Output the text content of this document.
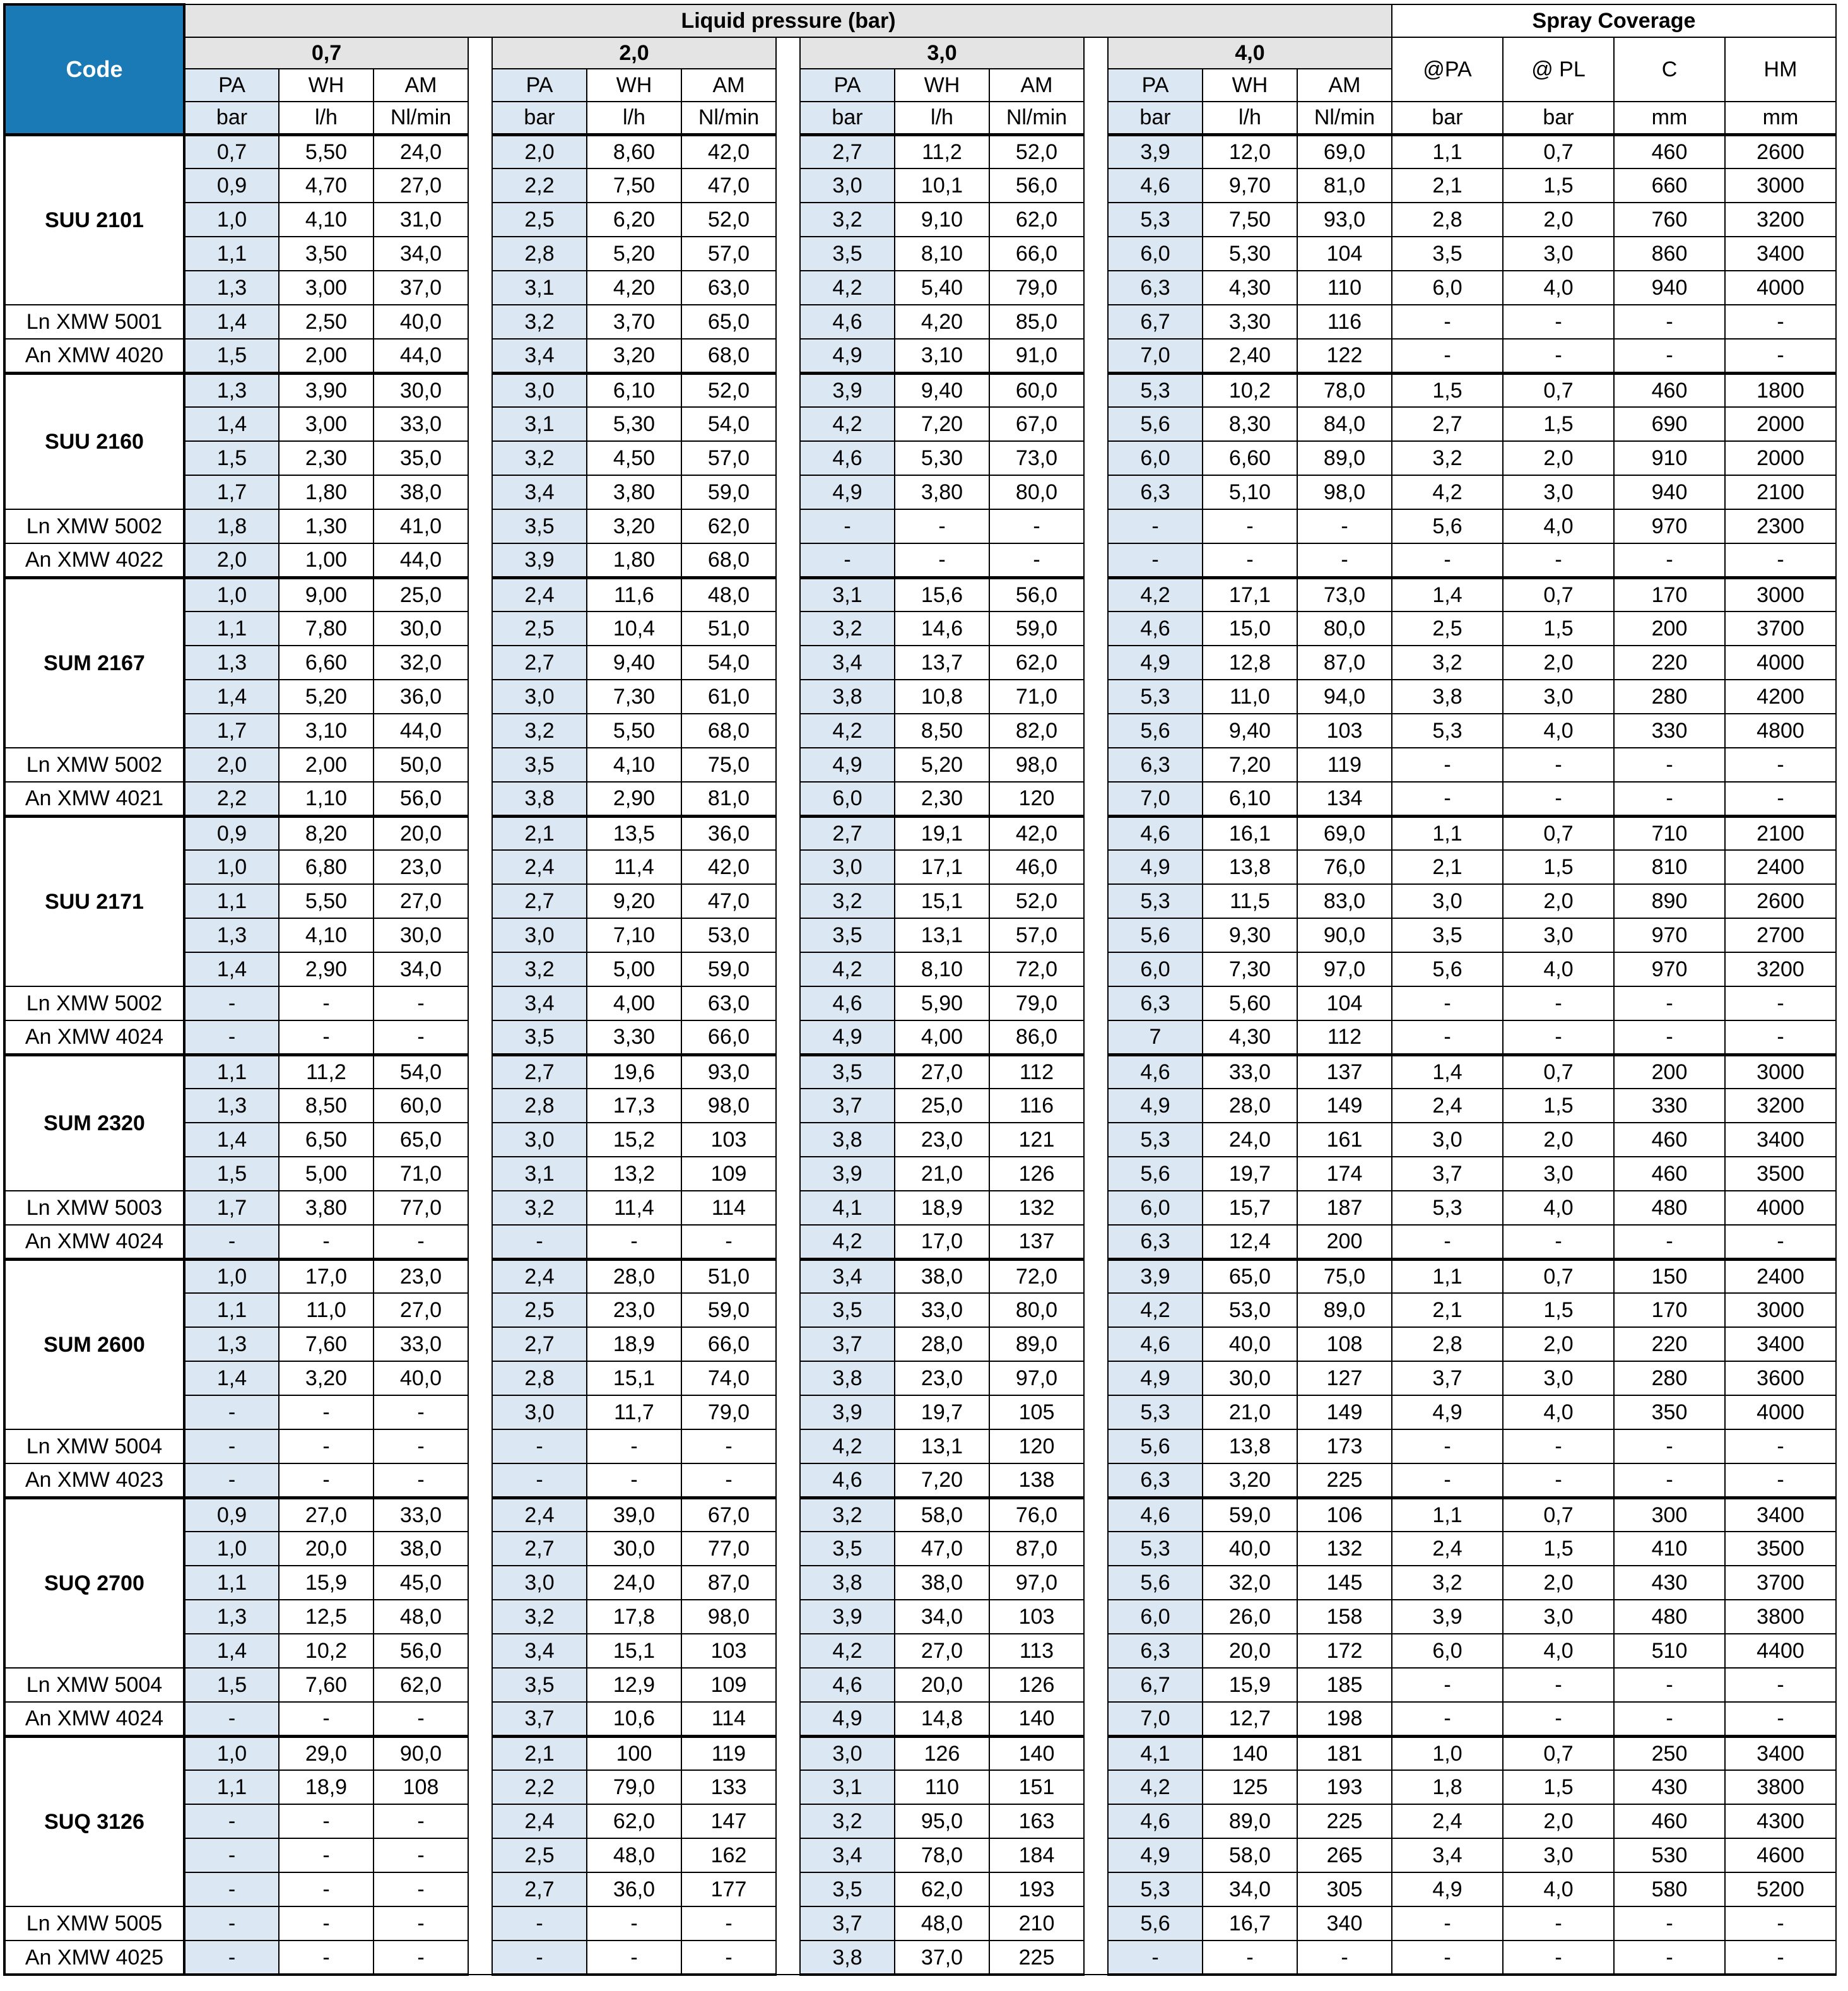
Code	Liquid pressure (bar)															Spray Coverage			
	0,7				2,0				3,0				4,0			@PA	@ PL	C	HM
	PA	WH	AM		PA	WH	AM		PA	WH	AM		PA	WH	AM				
	bar	l/h	Nl/min		bar	l/h	Nl/min		bar	l/h	Nl/min		bar	l/h	Nl/min	bar	bar	mm	mm
SUU 2101	0,7	5,50	24,0		2,0	8,60	42,0		2,7	11,2	52,0		3,9	12,0	69,0	1,1	0,7	460	2600
	0,9	4,70	27,0		2,2	7,50	47,0		3,0	10,1	56,0		4,6	9,70	81,0	2,1	1,5	660	3000
	1,0	4,10	31,0		2,5	6,20	52,0		3,2	9,10	62,0		5,3	7,50	93,0	2,8	2,0	760	3200
	1,1	3,50	34,0		2,8	5,20	57,0		3,5	8,10	66,0		6,0	5,30	104	3,5	3,0	860	3400
	1,3	3,00	37,0		3,1	4,20	63,0		4,2	5,40	79,0		6,3	4,30	110	6,0	4,0	940	4000
Ln XMW 5001	1,4	2,50	40,0		3,2	3,70	65,0		4,6	4,20	85,0		6,7	3,30	116	-	-	-	-
An XMW 4020	1,5	2,00	44,0		3,4	3,20	68,0		4,9	3,10	91,0		7,0	2,40	122	-	-	-	-
SUU 2160	1,3	3,90	30,0		3,0	6,10	52,0		3,9	9,40	60,0		5,3	10,2	78,0	1,5	0,7	460	1800
	1,4	3,00	33,0		3,1	5,30	54,0		4,2	7,20	67,0		5,6	8,30	84,0	2,7	1,5	690	2000
	1,5	2,30	35,0		3,2	4,50	57,0		4,6	5,30	73,0		6,0	6,60	89,0	3,2	2,0	910	2000
	1,7	1,80	38,0		3,4	3,80	59,0		4,9	3,80	80,0		6,3	5,10	98,0	4,2	3,0	940	2100
Ln XMW 5002	1,8	1,30	41,0		3,5	3,20	62,0		-	-	-		-	-	-	5,6	4,0	970	2300
An XMW 4022	2,0	1,00	44,0		3,9	1,80	68,0		-	-	-		-	-	-	-	-	-	-
SUM 2167	1,0	9,00	25,0		2,4	11,6	48,0		3,1	15,6	56,0		4,2	17,1	73,0	1,4	0,7	170	3000
	1,1	7,80	30,0		2,5	10,4	51,0		3,2	14,6	59,0		4,6	15,0	80,0	2,5	1,5	200	3700
	1,3	6,60	32,0		2,7	9,40	54,0		3,4	13,7	62,0		4,9	12,8	87,0	3,2	2,0	220	4000
	1,4	5,20	36,0		3,0	7,30	61,0		3,8	10,8	71,0		5,3	11,0	94,0	3,8	3,0	280	4200
	1,7	3,10	44,0		3,2	5,50	68,0		4,2	8,50	82,0		5,6	9,40	103	5,3	4,0	330	4800
Ln XMW 5002	2,0	2,00	50,0		3,5	4,10	75,0		4,9	5,20	98,0		6,3	7,20	119	-	-	-	-
An XMW 4021	2,2	1,10	56,0		3,8	2,90	81,0		6,0	2,30	120		7,0	6,10	134	-	-	-	-
SUU 2171	0,9	8,20	20,0		2,1	13,5	36,0		2,7	19,1	42,0		4,6	16,1	69,0	1,1	0,7	710	2100
	1,0	6,80	23,0		2,4	11,4	42,0		3,0	17,1	46,0		4,9	13,8	76,0	2,1	1,5	810	2400
	1,1	5,50	27,0		2,7	9,20	47,0		3,2	15,1	52,0		5,3	11,5	83,0	3,0	2,0	890	2600
	1,3	4,10	30,0		3,0	7,10	53,0		3,5	13,1	57,0		5,6	9,30	90,0	3,5	3,0	970	2700
	1,4	2,90	34,0		3,2	5,00	59,0		4,2	8,10	72,0		6,0	7,30	97,0	5,6	4,0	970	3200
Ln XMW 5002	-	-	-		3,4	4,00	63,0		4,6	5,90	79,0		6,3	5,60	104	-	-	-	-
An XMW 4024	-	-	-		3,5	3,30	66,0		4,9	4,00	86,0		7	4,30	112	-	-	-	-
SUM 2320	1,1	11,2	54,0		2,7	19,6	93,0		3,5	27,0	112		4,6	33,0	137	1,4	0,7	200	3000
	1,3	8,50	60,0		2,8	17,3	98,0		3,7	25,0	116		4,9	28,0	149	2,4	1,5	330	3200
	1,4	6,50	65,0		3,0	15,2	103		3,8	23,0	121		5,3	24,0	161	3,0	2,0	460	3400
	1,5	5,00	71,0		3,1	13,2	109		3,9	21,0	126		5,6	19,7	174	3,7	3,0	460	3500
Ln XMW 5003	1,7	3,80	77,0		3,2	11,4	114		4,1	18,9	132		6,0	15,7	187	5,3	4,0	480	4000
An XMW 4024	-	-	-		-	-	-		4,2	17,0	137		6,3	12,4	200	-	-	-	-
SUM 2600	1,0	17,0	23,0		2,4	28,0	51,0		3,4	38,0	72,0		3,9	65,0	75,0	1,1	0,7	150	2400
	1,1	11,0	27,0		2,5	23,0	59,0		3,5	33,0	80,0		4,2	53,0	89,0	2,1	1,5	170	3000
	1,3	7,60	33,0		2,7	18,9	66,0		3,7	28,0	89,0		4,6	40,0	108	2,8	2,0	220	3400
	1,4	3,20	40,0		2,8	15,1	74,0		3,8	23,0	97,0		4,9	30,0	127	3,7	3,0	280	3600
	-	-	-		3,0	11,7	79,0		3,9	19,7	105		5,3	21,0	149	4,9	4,0	350	4000
Ln XMW 5004	-	-	-		-	-	-		4,2	13,1	120		5,6	13,8	173	-	-	-	-
An XMW 4023	-	-	-		-	-	-		4,6	7,20	138		6,3	3,20	225	-	-	-	-
SUQ 2700	0,9	27,0	33,0		2,4	39,0	67,0		3,2	58,0	76,0		4,6	59,0	106	1,1	0,7	300	3400
	1,0	20,0	38,0		2,7	30,0	77,0		3,5	47,0	87,0		5,3	40,0	132	2,4	1,5	410	3500
	1,1	15,9	45,0		3,0	24,0	87,0		3,8	38,0	97,0		5,6	32,0	145	3,2	2,0	430	3700
	1,3	12,5	48,0		3,2	17,8	98,0		3,9	34,0	103		6,0	26,0	158	3,9	3,0	480	3800
	1,4	10,2	56,0		3,4	15,1	103		4,2	27,0	113		6,3	20,0	172	6,0	4,0	510	4400
Ln XMW 5004	1,5	7,60	62,0		3,5	12,9	109		4,6	20,0	126		6,7	15,9	185	-	-	-	-
An XMW 4024	-	-	-		3,7	10,6	114		4,9	14,8	140		7,0	12,7	198	-	-	-	-
SUQ 3126	1,0	29,0	90,0		2,1	100	119		3,0	126	140		4,1	140	181	1,0	0,7	250	3400
	1,1	18,9	108		2,2	79,0	133		3,1	110	151		4,2	125	193	1,8	1,5	430	3800
	-	-	-		2,4	62,0	147		3,2	95,0	163		4,6	89,0	225	2,4	2,0	460	4300
	-	-	-		2,5	48,0	162		3,4	78,0	184		4,9	58,0	265	3,4	3,0	530	4600
	-	-	-		2,7	36,0	177		3,5	62,0	193		5,3	34,0	305	4,9	4,0	580	5200
Ln XMW 5005	-	-	-		-	-	-		3,7	48,0	210		5,6	16,7	340	-	-	-	-
An XMW 4025	-	-	-		-	-	-		3,8	37,0	225		-	-	-	-	-	-	-
